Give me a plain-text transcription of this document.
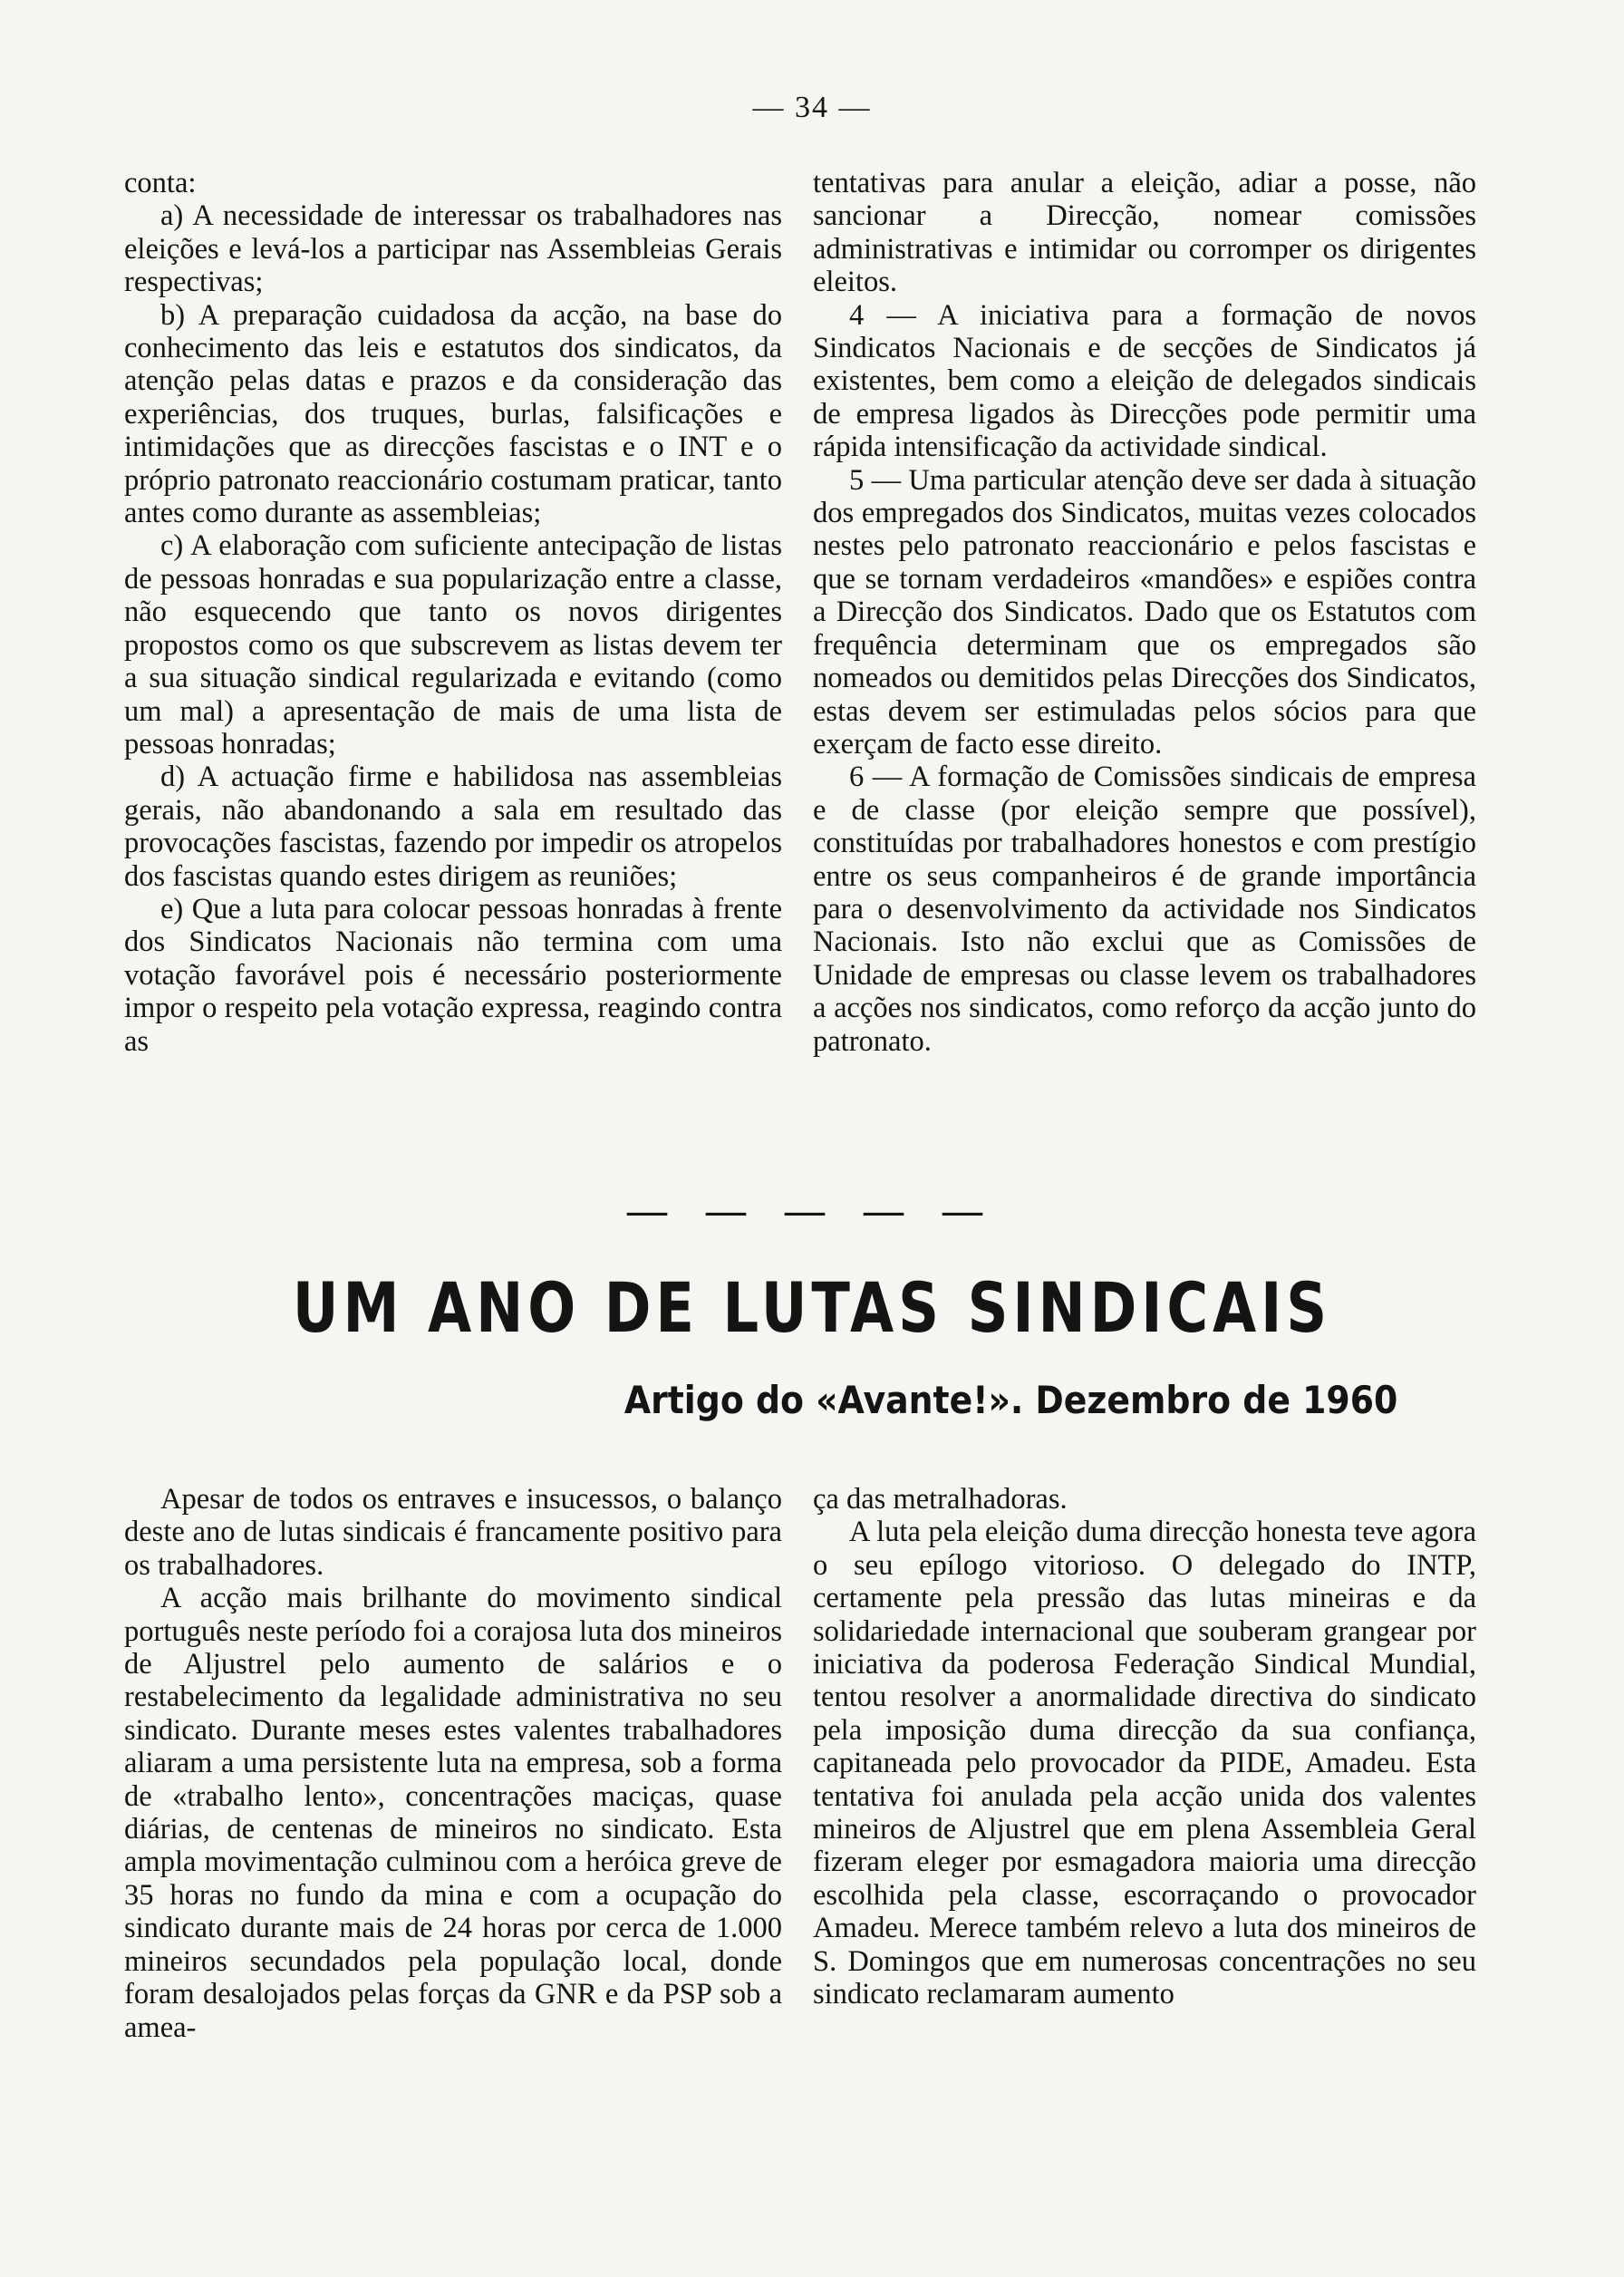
— 34 —

conta:

a) A necessidade de interessar os trabalhadores nas eleições e levá-los a participar nas Assembleias Gerais respectivas;

b) A preparação cuidadosa da acção, na base do conhecimento das leis e estatutos dos sindicatos, da atenção pelas datas e prazos e da consideração das experiências, dos truques, burlas, falsificações e intimidações que as direcções fascistas e o INT e o próprio patronato reaccionário costumam praticar, tanto antes como durante as assembleias;

c) A elaboração com suficiente antecipação de listas de pessoas honradas e sua popularização entre a classe, não esquecendo que tanto os novos dirigentes propostos como os que subscrevem as listas devem ter a sua situação sindical regularizada e evitando (como um mal) a apresentação de mais de uma lista de pessoas honradas;

d) A actuação firme e habilidosa nas assembleias gerais, não abandonando a sala em resultado das provocações fascistas, fazendo por impedir os atropelos dos fascistas quando estes dirigem as reuniões;

e) Que a luta para colocar pessoas honradas à frente dos Sindicatos Nacionais não termina com uma votação favorável pois é necessário posteriormente impor o respeito pela votação expressa, reagindo contra as

tentativas para anular a eleição, adiar a posse, não sancionar a Direcção, nomear comissões administrativas e intimidar ou corromper os dirigentes eleitos.

4 — A iniciativa para a formação de novos Sindicatos Nacionais e de secções de Sindicatos já existentes, bem como a eleição de delegados sindicais de empresa ligados às Direcções pode permitir uma rápida intensificação da actividade sindical.

5 — Uma particular atenção deve ser dada à situação dos empregados dos Sindicatos, muitas vezes colocados nestes pelo patronato reaccionário e pelos fascistas e que se tornam verdadeiros «mandões» e espiões contra a Direcção dos Sindicatos. Dado que os Estatutos com frequência determinam que os empregados são nomeados ou demitidos pelas Direcções dos Sindicatos, estas devem ser estimuladas pelos sócios para que exerçam de facto esse direito.

6 — A formação de Comissões sindicais de empresa e de classe (por eleição sempre que possível), constituídas por trabalhadores honestos e com prestígio entre os seus companheiros é de grande importância para o desenvolvimento da actividade nos Sindicatos Nacionais. Isto não exclui que as Comissões de Unidade de empresas ou classe levem os trabalhadores a acções nos sindicatos, como reforço da acção junto do patronato.

— — — — —
UM ANO DE LUTAS SINDICAIS
Artigo do «Avante!». Dezembro de 1960

Apesar de todos os entraves e insucessos, o balanço deste ano de lutas sindicais é francamente positivo para os trabalhadores.

A acção mais brilhante do movimento sindical português neste período foi a corajosa luta dos mineiros de Aljustrel pelo aumento de salários e o restabelecimento da legalidade administrativa no seu sindicato. Durante meses estes valentes trabalhadores aliaram a uma persistente luta na empresa, sob a forma de «trabalho lento», concentrações maciças, quase diárias, de centenas de mineiros no sindicato. Esta ampla movimentação culminou com a heróica greve de 35 horas no fundo da mina e com a ocupação do sindicato durante mais de 24 horas por cerca de 1.000 mineiros secundados pela população local, donde foram desalojados pelas forças da GNR e da PSP sob a amea-

ça das metralhadoras.

A luta pela eleição duma direcção honesta teve agora o seu epílogo vitorioso. O delegado do INTP, certamente pela pressão das lutas mineiras e da solidariedade internacional que souberam grangear por iniciativa da poderosa Federação Sindical Mundial, tentou resolver a anormalidade directiva do sindicato pela imposição duma direcção da sua confiança, capitaneada pelo provocador da PIDE, Amadeu. Esta tentativa foi anulada pela acção unida dos valentes mineiros de Aljustrel que em plena Assembleia Geral fizeram eleger por esmagadora maioria uma direcção escolhida pela classe, escorraçando o provocador Amadeu. Merece também relevo a luta dos mineiros de S. Domingos que em numerosas concentrações no seu sindicato reclamaram aumento
